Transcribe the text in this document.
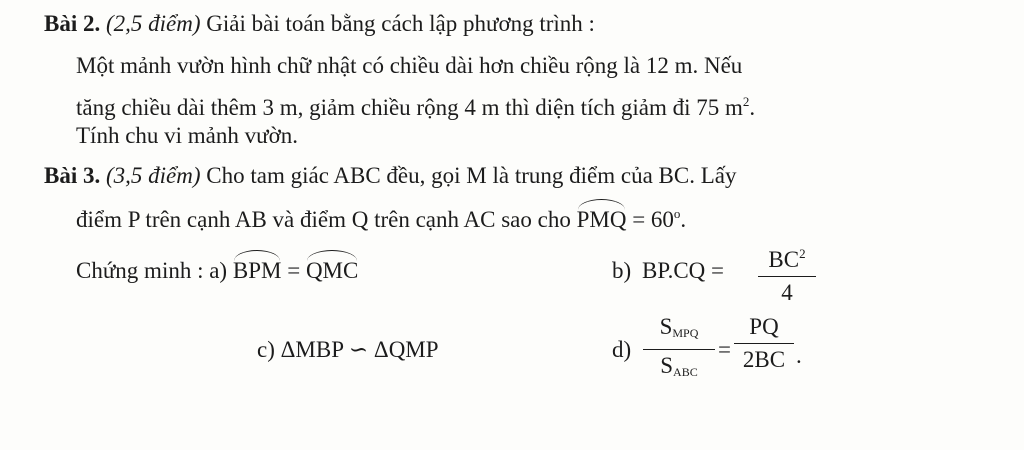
Bài 2. (2,5 điểm) Giải bài toán bằng cách lập phương trình :
Một mảnh vườn hình chữ nhật có chiều dài hơn chiều rộng là 12 m. Nếu
tăng chiều dài thêm 3 m, giảm chiều rộng 4 m thì diện tích giảm đi 75 $m^2$.
Tính chu vi mảnh vườn.
Bài 3. (3,5 điểm) Cho tam giác ABC đều, gọi M là trung điểm của BC. Lấy
điểm P trên cạnh AB và điểm Q trên cạnh AC sao cho PMQ = $60^o$.
Chứng minh : a) BPM = QMC	b) BP.CQ =	$BC^2$
4
c) ΔMBP ∽ ΔQMP	d)
$S_{MPQ}$
$S_{ABC}$
=
PQ
2BC .
